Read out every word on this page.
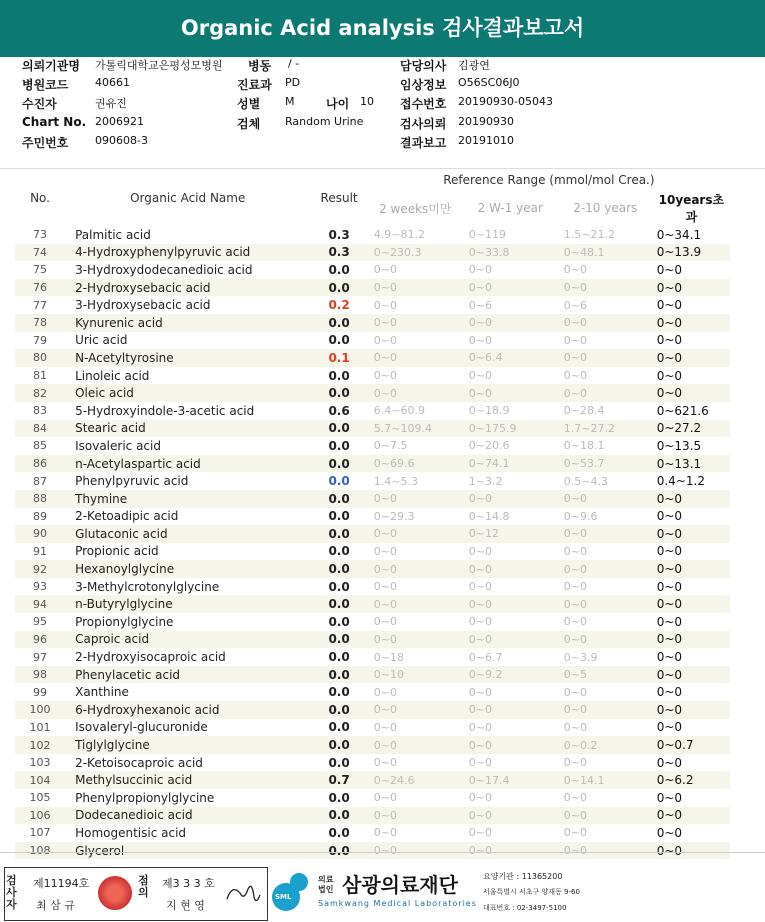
Organic Acid analysis 검사결과보고서
의뢰기관명 가톨릭대학교은평성모병원 병동 / -	담당의사 김광연
병원코드 40661	진료과 PD	임상정보 O56SC06J0
수진자	권유진	성별 M	나이 10 접수번호 20190930-05043
Chart No. 2006921	검체 Random Urine	검사의뢰 20190930
주민번호 090608-3	결과보고 20191010
No.	Organic Acid Name	Result	Reference Range (mmol/mol Crea.)			
			2 weeks미만	2 W-1 year	2-10 years	10years초과
73	Palmitic acid	0.3	4.9~81.2	0~119	1.5~21.2	0~34.1
74	4-Hydroxyphenylpyruvic acid	0.3	0~230.3	0~33.8	0~48.1	0~13.9
75	3-Hydroxydodecanedioic acid	0.0	0~0	0~0	0~0	0~0
76	2-Hydroxysebacic acid	0.0	0~0	0~0	0~0	0~0
77	3-Hydroxysebacic acid	0.2	0~0	0~6	0~6	0~0
78	Kynurenic acid	0.0	0~0	0~0	0~0	0~0
79	Uric acid	0.0	0~0	0~0	0~0	0~0
80	N-Acetyltyrosine	0.1	0~0	0~6.4	0~0	0~0
81	Linoleic acid	0.0	0~0	0~0	0~0	0~0
82	Oleic acid	0.0	0~0	0~0	0~0	0~0
83	5-Hydroxyindole-3-acetic acid	0.6	6.4~60.9	0~18.9	0~28.4	0~621.6
84	Stearic acid	0.0	5.7~109.4	0~175.9	1.7~27.2	0~27.2
85	Isovaleric acid	0.0	0~7.5	0~20.6	0~18.1	0~13.5
86	n-Acetylaspartic acid	0.0	0~69.6	0~74.1	0~53.7	0~13.1
87	Phenylpyruvic acid	0.0	1.4~5.3	1~3.2	0.5~4.3	0.4~1.2
88	Thymine	0.0	0~0	0~0	0~0	0~0
89	2-Ketoadipic acid	0.0	0~29.3	0~14.8	0~9.6	0~0
90	Glutaconic acid	0.0	0~0	0~12	0~0	0~0
91	Propionic acid	0.0	0~0	0~0	0~0	0~0
92	Hexanoylglycine	0.0	0~0	0~0	0~0	0~0
93	3-Methylcrotonylglycine	0.0	0~0	0~0	0~0	0~0
94	n-Butyrylglycine	0.0	0~0	0~0	0~0	0~0
95	Propionylglycine	0.0	0~0	0~0	0~0	0~0
96	Caproic acid	0.0	0~0	0~0	0~0	0~0
97	2-Hydroxyisocaproic acid	0.0	0~18	0~6.7	0~3.9	0~0
98	Phenylacetic acid	0.0	0~10	0~9.2	0~5	0~0
99	Xanthine	0.0	0~0	0~0	0~0	0~0
100	6-Hydroxyhexanoic acid	0.0	0~0	0~0	0~0	0~0
101	Isovaleryl-glucuronide	0.0	0~0	0~0	0~0	0~0
102	Tiglylglycine	0.0	0~0	0~0	0~0.2	0~0.7
103	2-Ketoisocaproic acid	0.0	0~0	0~0	0~0	0~0
104	Methylsuccinic acid	0.7	0~24.6	0~17.4	0~14.1	0~6.2
105	Phenylpropionylglycine	0.0	0~0	0~0	0~0	0~0
106	Dodecanedioic acid	0.0	0~0	0~0	0~0	0~0
107	Homogentisic acid	0.0	0~0	0~0	0~0	0~0
108	Glycerol	0.0	0~0	0~0	0~0	0~0
검사자
제11194호
최 삼 규
점의
제3 3 3 호
지 현 영
SML
의료
법인 삼광의료재단
Samkwang Medical Laboratories
요양기관 : 11365200
서울특별시 서초구 양재동 9-60
대표번호 : 02-3497-5100
